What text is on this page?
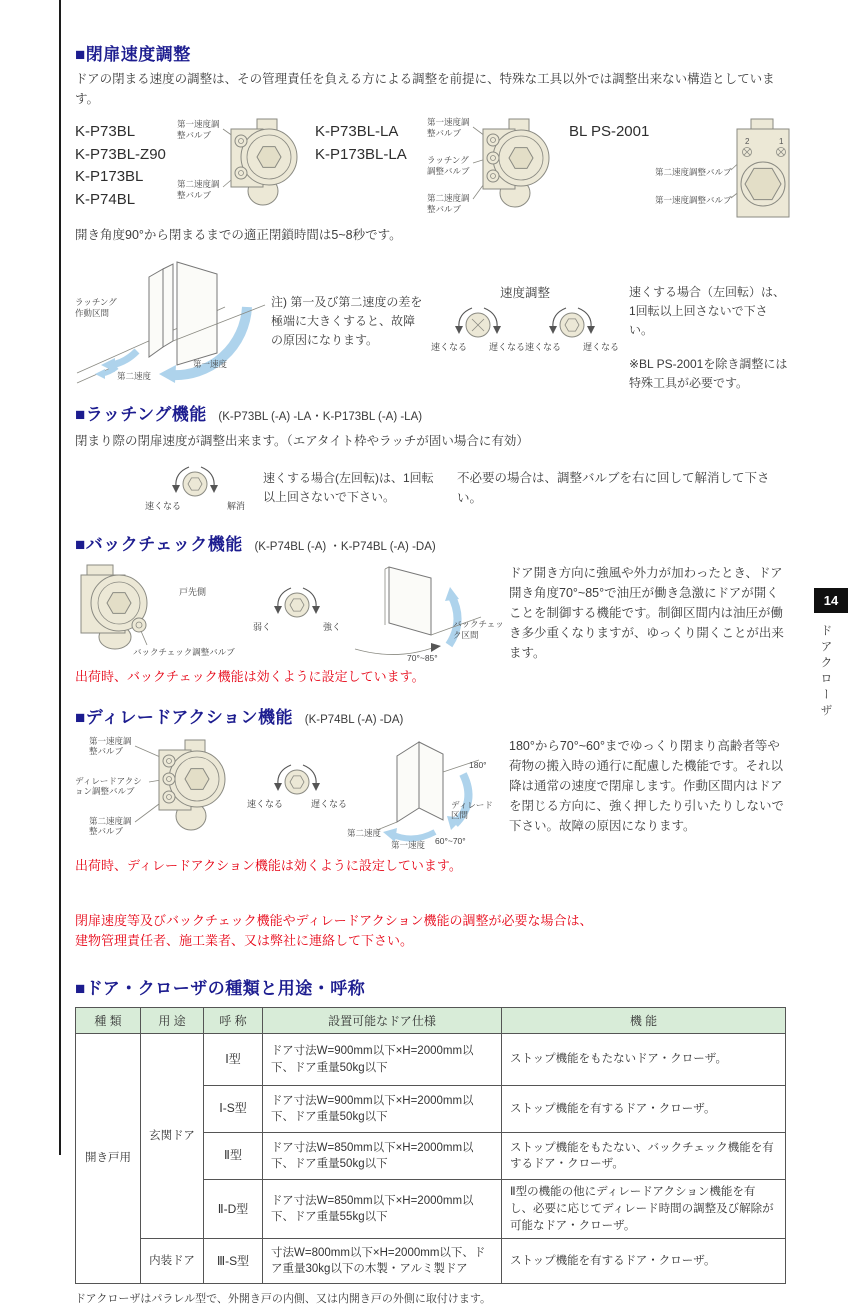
14
ドアクローザ
■閉扉速度調整

ドアの閉まる速度の調整は、その管理責任を負える方による調整を前提に、特殊な工具以外では調整出来ない構造としています。

K-P73BL
K-P73BL-Z90
K-P173BL
K-P74BL
第一速度調整バルブ
第二速度調整バルブ
K-P73BL-LA
K-P173BL-LA
第一速度調整バルブ
ラッチング調整バルブ
第二速度調整バルブ
BL PS-2001
第二速度調整バルブ
第一速度調整バルブ
2	1

開き角度90°から閉まるまでの適正閉鎖時間は5~8秒です。

ラッチング作動区間
第二速度
第一速度

注) 第一及び第二速度の差を極端に大きくすると、故障の原因になります。

速度調整
速くなる 遅くなる 速くなる 遅くなる

速くする場合（左回転）は、1回転以上回さないで下さい。

※BL PS-2001を除き調整には特殊工具が必要です。

■ラッチング機能 (K-P73BL (-A) -LA・K-P173BL (-A) -LA)

閉まり際の閉扉速度が調整出来ます。（エアタイト枠やラッチが固い場合に有効）

速くなる	解消

速くする場合(左回転)は、1回転以上回さないで下さい。

不必要の場合は、調整バルブを右に回して解消して下さい。

■バックチェック機能 (K-P74BL (-A) ・K-P74BL (-A) -DA)
戸先側
バックチェック調整バルブ
弱く	強く	バックチェック区間
70°~85°

ドア開き方向に強風や外力が加わったとき、ドア開き角度70°~85°で油圧が働き急激にドアが開くことを制御する機能です。制御区間内は油圧が働き多少重くなりますが、ゆっくり開くことが出来ます。

出荷時、バックチェック機能は効くように設定しています。

■ディレードアクション機能 (K-P74BL (-A) -DA)
第一速度調整バルブ
ディレードアクション調整バルブ
第二速度調整バルブ
速くなる	遅くなる
180°
ディレード区間
第二速度
第一速度 60°~70°

180°から70°~60°までゆっくり閉まり高齢者等や荷物の搬入時の通行に配慮した機能です。それ以降は通常の速度で閉扉します。作動区間内はドアを閉じる方向に、強く押したり引いたりしないで下さい。故障の原因になります。

出荷時、ディレードアクション機能は効くように設定しています。

閉扉速度等及びバックチェック機能やディレードアクション機能の調整が必要な場合は、

建物管理責任者、施工業者、又は弊社に連絡して下さい。

■ドア・クローザの種類と用途・呼称
種 類	用 途	呼 称	設置可能なドア仕様	機 能
開き戸用	玄関ドア	Ⅰ型	ドア寸法W=900mm以下×H=2000mm以下、ドア重量50kg以下	ストップ機能をもたないドア・クローザ。
		Ⅰ-S型	ドア寸法W=900mm以下×H=2000mm以下、ドア重量50kg以下	ストップ機能を有するドア・クローザ。
		Ⅱ型	ドア寸法W=850mm以下×H=2000mm以下、ドア重量50kg以下	ストップ機能をもたない、バックチェック機能を有するドア・クローザ。
		Ⅱ-D型	ドア寸法W=850mm以下×H=2000mm以下、ドア重量55kg以下	Ⅱ型の機能の他にディレードアクション機能を有し、必要に応じてディレード時間の調整及び解除が可能なドア・クローザ。
	内装ドア	Ⅲ-S型	寸法W=800mm以下×H=2000mm以下、ドア重量30kg以下の木製・アルミ製ドア	ストップ機能を有するドア・クローザ。

ドアクローザはパラレル型で、外開き戸の内側、又は内開き戸の外側に取付けます。
